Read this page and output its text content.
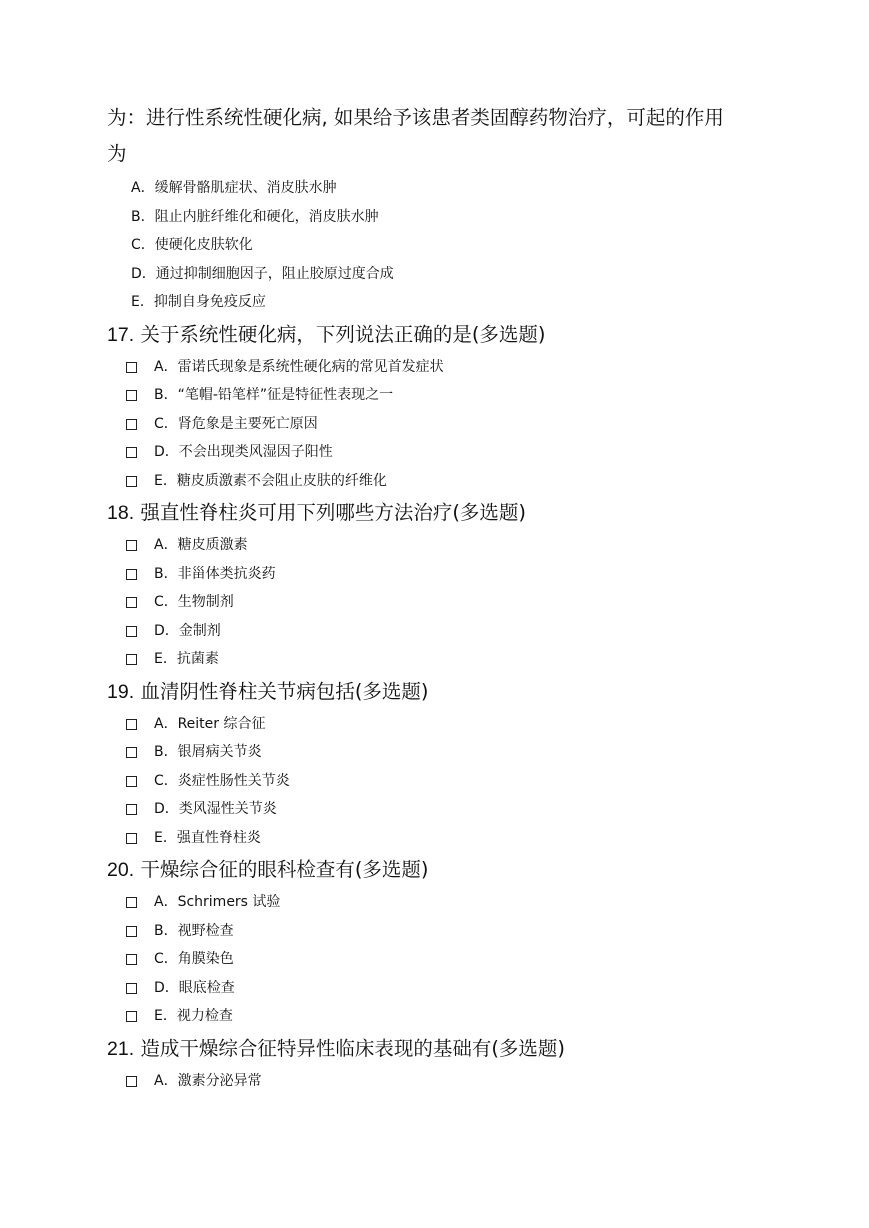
为：进行性系统性硬化病, 如果给予该患者类固醇药物治疗，可起的作用
为
A．缓解骨骼肌症状、消皮肤水肿
B．阻止内脏纤维化和硬化，消皮肤水肿
C．使硬化皮肤软化
D．通过抑制细胞因子，阻止胶原过度合成
E．抑制自身免疫反应
17. 关于系统性硬化病，下列说法正确的是(多选题)
A．雷诺氏现象是系统性硬化病的常见首发症状
B．“笔帽-铅笔样”征是特征性表现之一
C．肾危象是主要死亡原因
D．不会出现类风湿因子阳性
E．糖皮质激素不会阻止皮肤的纤维化
18. 强直性脊柱炎可用下列哪些方法治疗(多选题)
A．糖皮质激素
B．非甾体类抗炎药
C．生物制剂
D．金制剂
E．抗菌素
19. 血清阴性脊柱关节病包括(多选题)
A．Reiter 综合征
B．银屑病关节炎
C．炎症性肠性关节炎
D．类风湿性关节炎
E．强直性脊柱炎
20. 干燥综合征的眼科检查有(多选题)
A．Schrimers 试验
B．视野检查
C．角膜染色
D．眼底检查
E．视力检查
21. 造成干燥综合征特异性临床表现的基础有(多选题)
A．激素分泌异常
